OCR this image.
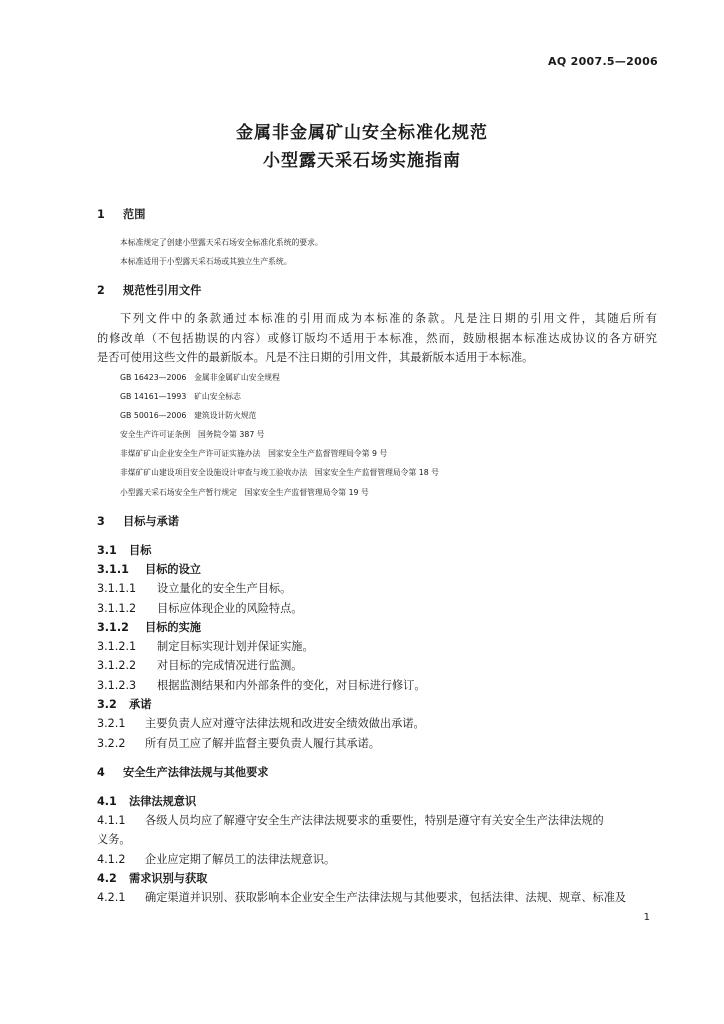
AQ 2007.5—2006
金属非金属矿山安全标准化规范
小型露天采石场实施指南
1 范围
本标准规定了创建小型露天采石场安全标准化系统的要求。
本标准适用于小型露天采石场或其独立生产系统。
2 规范性引用文件
下列文件中的条款通过本标准的引用而成为本标准的条款。凡是注日期的引用文件，其随后所有
的修改单（不包括勘误的内容）或修订版均不适用于本标准，然而，鼓励根据本标准达成协议的各方研究
是否可使用这些文件的最新版本。凡是不注日期的引用文件，其最新版本适用于本标准。
GB 16423—2006　金属非金属矿山安全规程
GB 14161—1993　矿山安全标志
GB 50016—2006　建筑设计防火规范
安全生产许可证条例　国务院令第 387 号
非煤矿矿山企业安全生产许可证实施办法　国家安全生产监督管理局令第 9 号
非煤矿矿山建设项目安全设施设计审查与竣工验收办法　国家安全生产监督管理局令第 18 号
小型露天采石场安全生产暂行规定　国家安全生产监督管理局令第 19 号
3 目标与承诺
3.1 目标
3.1.1 目标的设立
3.1.1.1 设立量化的安全生产目标。
3.1.1.2 目标应体现企业的风险特点。
3.1.2 目标的实施
3.1.2.1 制定目标实现计划并保证实施。
3.1.2.2 对目标的完成情况进行监测。
3.1.2.3 根据监测结果和内外部条件的变化，对目标进行修订。
3.2 承诺
3.2.1 主要负责人应对遵守法律法规和改进安全绩效做出承诺。
3.2.2 所有员工应了解并监督主要负责人履行其承诺。
4 安全生产法律法规与其他要求
4.1 法律法规意识
4.1.1 各级人员均应了解遵守安全生产法律法规要求的重要性，特别是遵守有关安全生产法律法规的
义务。
4.1.2 企业应定期了解员工的法律法规意识。
4.2 需求识别与获取
4.2.1 确定渠道并识别、获取影响本企业安全生产法律法规与其他要求，包括法律、法规、规章、标准及
1
